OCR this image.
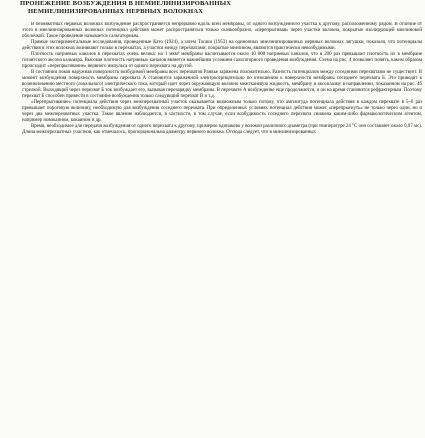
ПРОНЕЖЕНИЕ ВОЗБУЖДЕНИЯ В НЕМИЕЛИНИЗИРОВАННЫХ
НЕМИЕЛИНИЗИРОВАННЫХ НЕРВНЫХ ВОЛОКНАХ

В безмякотных нервных волокнах возбуждение распространяется непрерывно вдоль всей мембраны, от одного возбужденного участка к другому, расположенному рядом. В отличие от этого в миелинизированных волокнах потенциал действия может распространяться только скачкообразно, «перепрыгивая» через участки волокна, покрытые изолирующей миелиновой оболочкой. Такое проведение называется сальтаторным.

Прямые экспериментальные исследования, проведенные Като (1924), а затем Тасаки (1953) на одиночных миелинизированных нервных волокнах лягушки, показали, что потенциалы действия в этих волокнах возникают только в перехватах, а участки между перехватами, покрытые миелином, являются практически невозбудимыми.

Плотность натриевых каналов в перехватах очень велика: на 1 мкм² мембраны насчитывается около 10 000 натриевых каналов, что в 200 раз превышает плотность их в мембране гигантского аксона кальмара. Высокая плотность натриевых каналов является важнейшим условием сальтаторного проведения возбуждения. Схема на рис. 4 позволяет понять, каким образом происходит «перепрыгивание» нервного импульса от одного перехвата на другой.

В состоянии покоя наружная поверхность возбудимой мембраны всех перехватов Ранвье заряжена положительно. Разность потенциалов между соседними перехватами не существует. В момент возбуждения поверхность мембраны перехвата А становится заряженной электроотрицательно по отношению к поверхности мембраны соседнего перехвата Б. Это приводит к возникновению местного (локального) электрического тока, который идет через окружающую волокно межтканевую жидкость, мембрану и аксоплазму в направлении, показанном на рис. 4б стрелкой. Выходящий через перехват Б ток возбуждает его, вызывая перезарядку мембраны. В перехвате А возбуждение еще продолжается, и он на время становится рефрактерным. Поэтому перехват Б способен привести в состояние возбуждения только следующий перехват В и т.д.

«Перепрыгивание» потенциала действия через межперехватный участок оказывается возможным только потому, что амплитуда потенциала действия в каждом перехвате в 5–6 раз превышает пороговую величину, необходимую для возбуждения соседнего перехвата. При определенных условиях потенциал действия может «перепрыгнуть» не только через один, но и через два межперехватных участка. Такое явление наблюдается, в частности, в том случае, если возбудимость соседнего перехвата снижена каким-либо фармакологическим агентом, например новокаином, кокаином и др.

Время, необходимое для передачи возбуждения от одного перехвата к другому, примерно одинаково у волокон различного диаметра (при температуре 24 °С оно составляет около 0,07 мс). Длина межперехватных участков, как отмечалось, пропорциональна диаметру нервного волокна. Отсюда следует, что в миелинизированных
